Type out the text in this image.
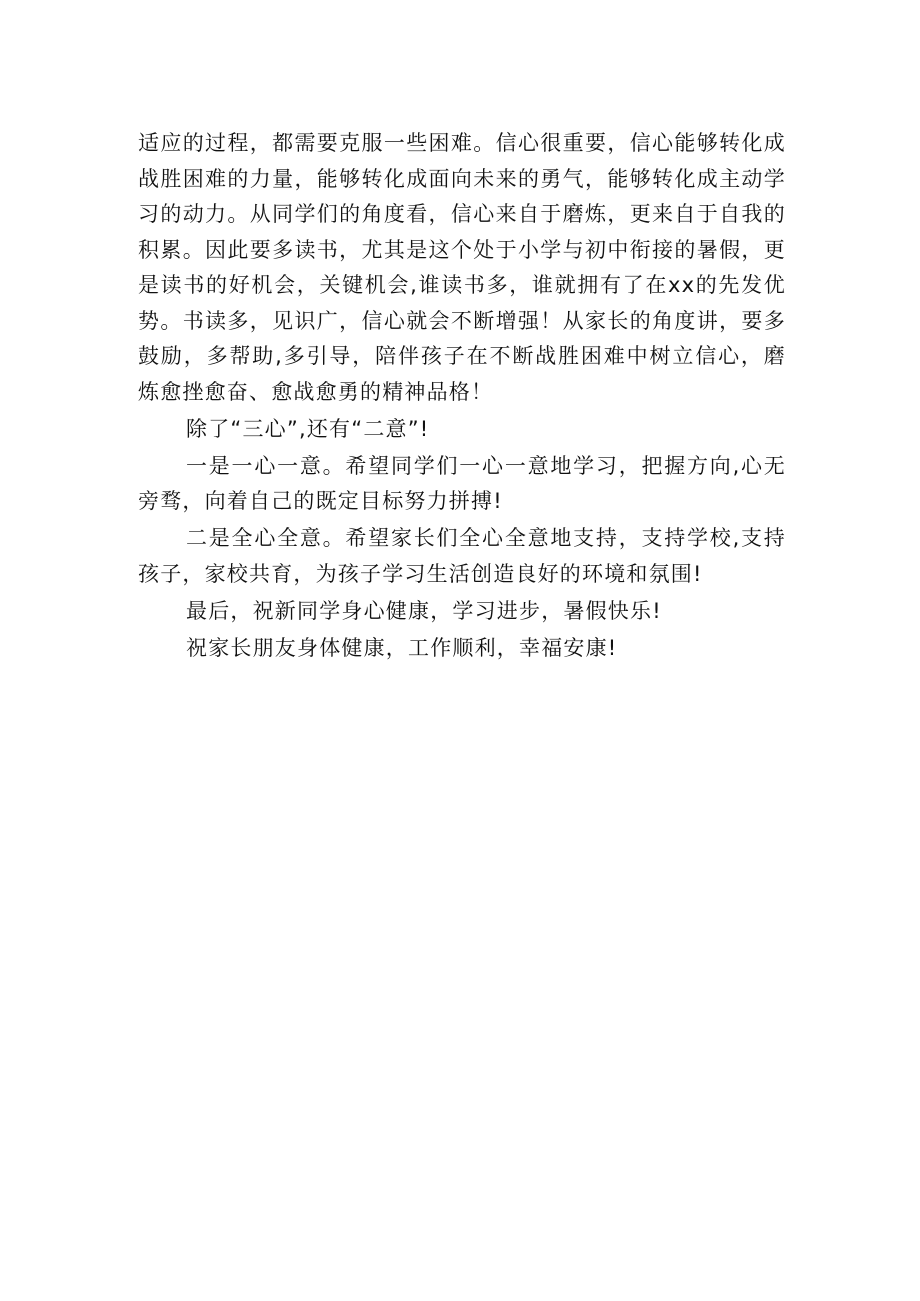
适应的过程，都需要克服一些困难。信心很重要，信心能够转化成战胜困难的力量，能够转化成面向未来的勇气，能够转化成主动学习的动力。从同学们的角度看，信心来自于磨炼，更来自于自我的积累。因此要多读书，尤其是这个处于小学与初中衔接的暑假，更是读书的好机会，关键机会,谁读书多，谁就拥有了在xx的先发优势。书读多，见识广，信心就会不断增强！从家长的角度讲，要多鼓励，多帮助,多引导，陪伴孩子在不断战胜困难中树立信心，磨炼愈挫愈奋、愈战愈勇的精神品格！

除了“三心”,还有“二意”!

一是一心一意。希望同学们一心一意地学习，把握方向,心无旁骛，向着自己的既定目标努力拼搏!

二是全心全意。希望家长们全心全意地支持，支持学校,支持孩子，家校共育，为孩子学习生活创造良好的环境和氛围!

最后，祝新同学身心健康，学习进步，暑假快乐!

祝家长朋友身体健康，工作顺利，幸福安康!
